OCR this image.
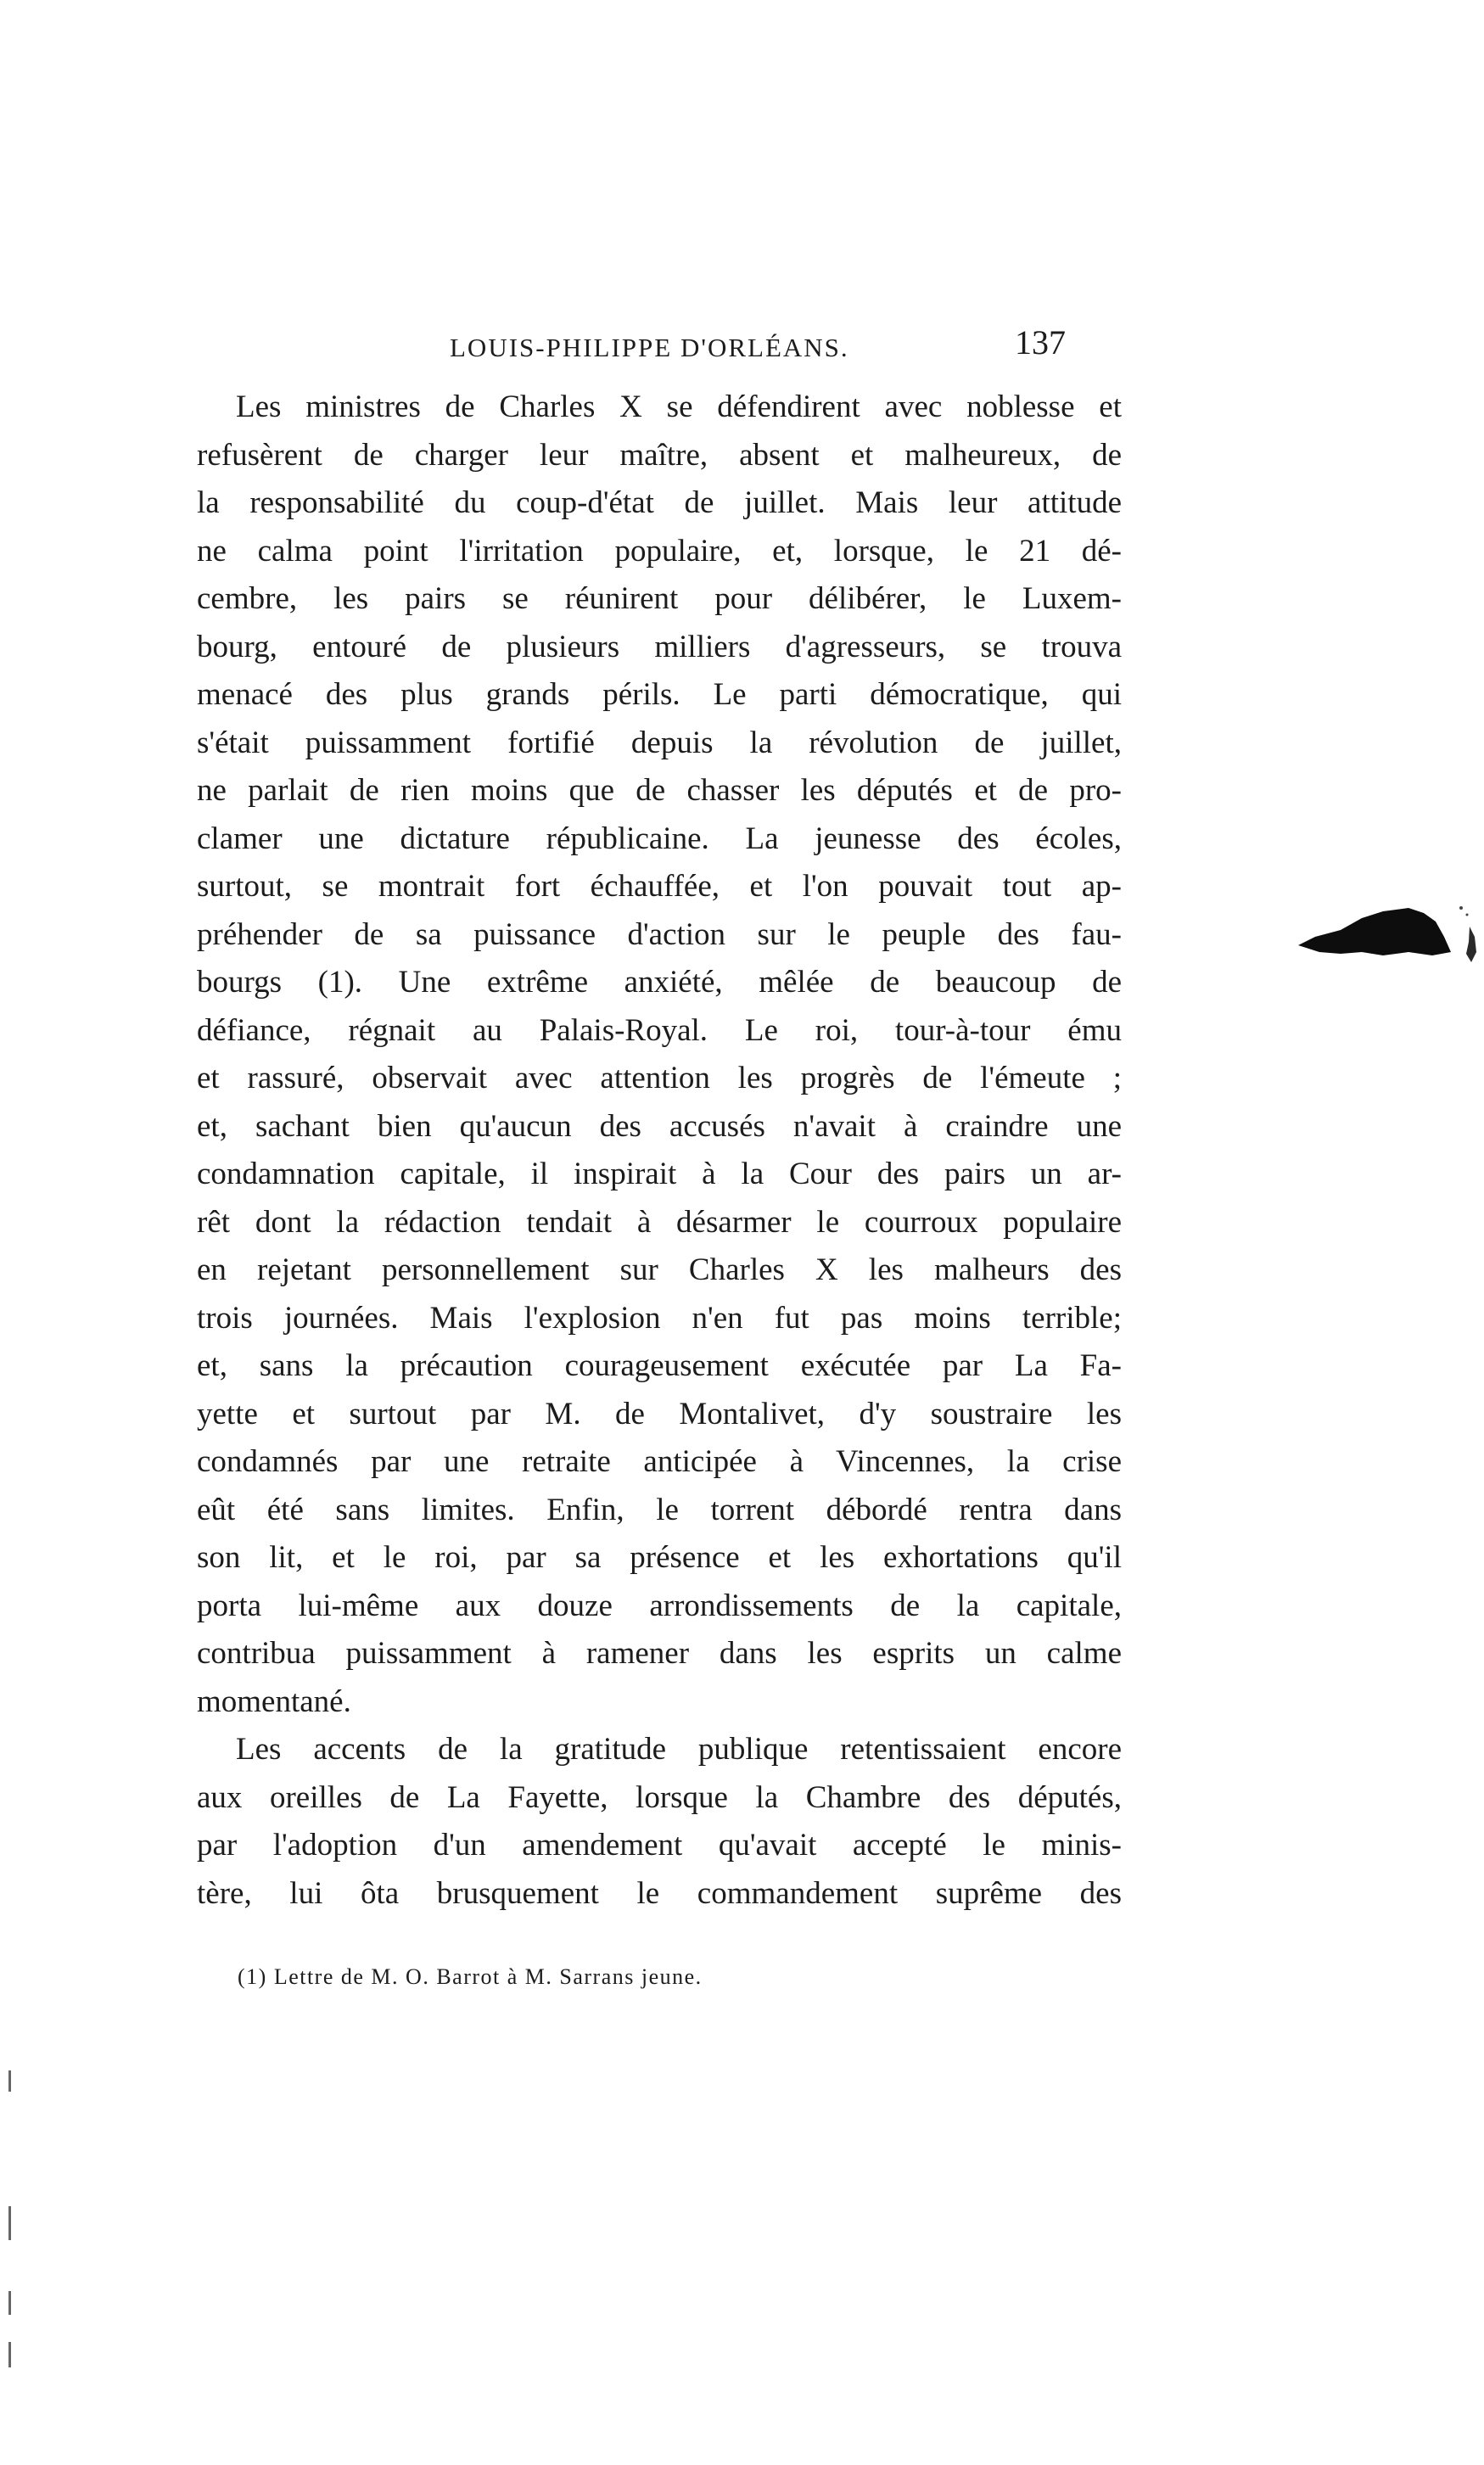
LOUIS-PHILIPPE D'ORLÉANS.	137
Les ministres de Charles X se défendirent avec noblesse et
refusèrent de charger leur maître, absent et malheureux, de
la responsabilité du coup-d'état de juillet. Mais leur attitude
ne calma point l'irritation populaire, et, lorsque, le 21 dé-
cembre, les pairs se réunirent pour délibérer, le Luxem-
bourg, entouré de plusieurs milliers d'agresseurs, se trouva
menacé des plus grands périls. Le parti démocratique, qui
s'était puissamment fortifié depuis la révolution de juillet,
ne parlait de rien moins que de chasser les députés et de pro-
clamer une dictature républicaine. La jeunesse des écoles,
surtout, se montrait fort échauffée, et l'on pouvait tout ap-
préhender de sa puissance d'action sur le peuple des fau-
bourgs (1). Une extrême anxiété, mêlée de beaucoup de
défiance, régnait au Palais-Royal. Le roi, tour-à-tour ému
et rassuré, observait avec attention les progrès de l'émeute ;
et, sachant bien qu'aucun des accusés n'avait à craindre une
condamnation capitale, il inspirait à la Cour des pairs un ar-
rêt dont la rédaction tendait à désarmer le courroux populaire
en rejetant personnellement sur Charles X les malheurs des
trois journées. Mais l'explosion n'en fut pas moins terrible;
et, sans la précaution courageusement exécutée par La Fa-
yette et surtout par M. de Montalivet, d'y soustraire les
condamnés par une retraite anticipée à Vincennes, la crise
eût été sans limites. Enfin, le torrent débordé rentra dans
son lit, et le roi, par sa présence et les exhortations qu'il
porta lui-même aux douze arrondissements de la capitale,
contribua puissamment à ramener dans les esprits un calme
momentané.
Les accents de la gratitude publique retentissaient encore
aux oreilles de La Fayette, lorsque la Chambre des députés,
par l'adoption d'un amendement qu'avait accepté le minis-
tère, lui ôta brusquement le commandement suprême des
(1) Lettre de M. O. Barrot à M. Sarrans jeune.
